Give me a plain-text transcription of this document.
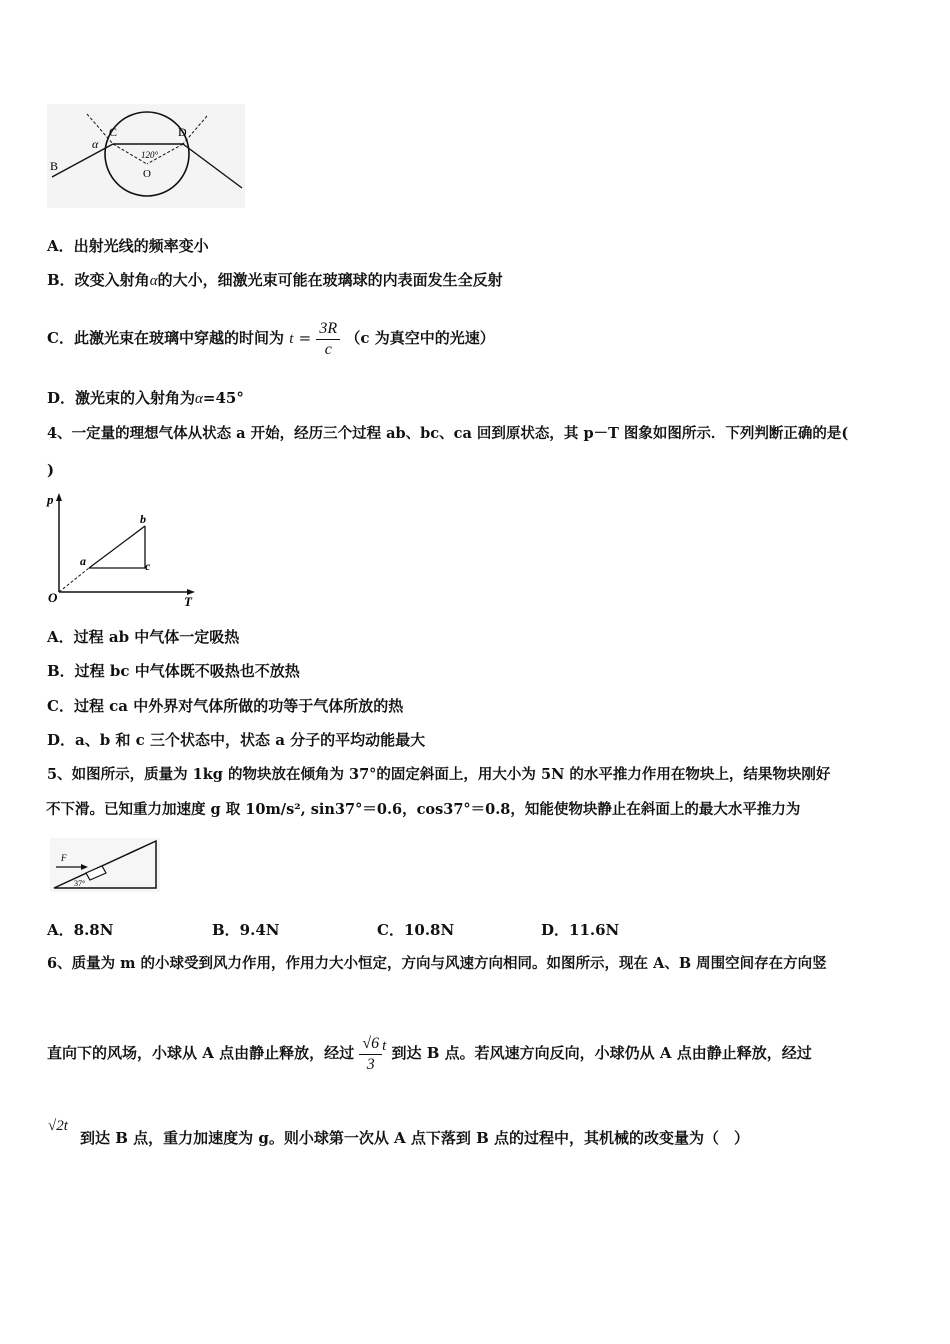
B
C	D
O
α
120°
A．出射光线的频率变小
B．改变入射角α的大小，细激光束可能在玻璃球的内表面发生全反射
C．此激光束在玻璃中穿越的时间为 $t = \frac{3R}{c} (c$ 为真空中的光速）
D．激光束的入射角为α=45°
4、一定量的理想气体从状态 a 开始，经历三个过程 ab、bc、ca 回到原状态，其 p－T 图象如图所示．下列判断正确的是(
)
p
T
O
a
b
c
A．过程 ab 中气体一定吸热
B．过程 bc 中气体既不吸热也不放热
C．过程 ca 中外界对气体所做的功等于气体所放的热
D．a、b 和 c 三个状态中，状态 a 分子的平均动能最大
5、如图所示，质量为 1kg 的物块放在倾角为 37°的固定斜面上，用大小为 5N 的水平推力作用在物块上，结果物块刚好
不下滑。已知重力加速度 g 取 10m/s², sin37°＝0.6，cos37°＝0.8，知能使物块静止在斜面上的最大水平推力为
F
37°
A．8.8N	B．9.4N	C．10.8N	D．11.6N
6、质量为 m 的小球受到风力作用，作用力大小恒定，方向与风速方向相同。如图所示，现在 A、B 周围空间存在方向竖
直向下的风场，小球从 A 点由静止释放，经过 $\frac{√6}{3}$ t 到达 B 点。若风速方向反向，小球仍从 A 点由静止释放，经过
√2t
到达 B 点，重力加速度为 g。则小球第一次从 A 点下落到 B 点的过程中，其机械的改变量为（　）
